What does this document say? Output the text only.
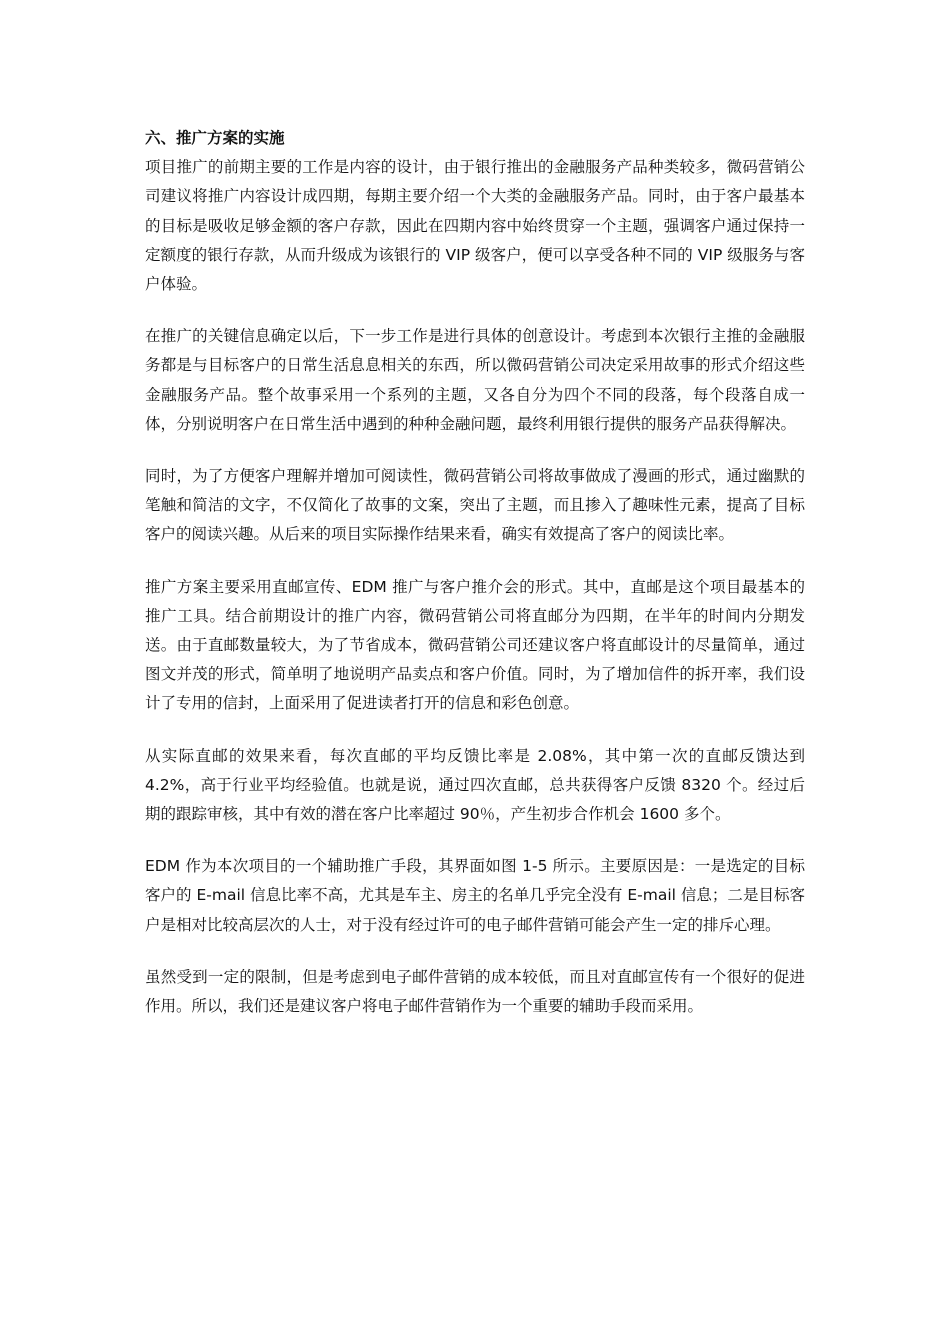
六、推广方案的实施

项目推广的前期主要的工作是内容的设计，由于银行推出的金融服务产品种类较多，微码营销公司建议将推广内容设计成四期，每期主要介绍一个大类的金融服务产品。同时，由于客户最基本的目标是吸收足够金额的客户存款，因此在四期内容中始终贯穿一个主题，强调客户通过保持一定额度的银行存款，从而升级成为该银行的 VIP 级客户，便可以享受各种不同的 VIP 级服务与客户体验。

在推广的关键信息确定以后，下一步工作是进行具体的创意设计。考虑到本次银行主推的金融服务都是与目标客户的日常生活息息相关的东西，所以微码营销公司决定采用故事的形式介绍这些金融服务产品。整个故事采用一个系列的主题，又各自分为四个不同的段落，每个段落自成一体，分别说明客户在日常生活中遇到的种种金融问题，最终利用银行提供的服务产品获得解决。

同时，为了方便客户理解并增加可阅读性，微码营销公司将故事做成了漫画的形式，通过幽默的笔触和简洁的文字，不仅简化了故事的文案，突出了主题，而且掺入了趣味性元素，提高了目标客户的阅读兴趣。从后来的项目实际操作结果来看，确实有效提高了客户的阅读比率。

推广方案主要采用直邮宣传、EDM 推广与客户推介会的形式。其中，直邮是这个项目最基本的推广工具。结合前期设计的推广内容，微码营销公司将直邮分为四期，在半年的时间内分期发送。由于直邮数量较大，为了节省成本，微码营销公司还建议客户将直邮设计的尽量简单，通过图文并茂的形式，简单明了地说明产品卖点和客户价值。同时，为了增加信件的拆开率，我们设计了专用的信封，上面采用了促进读者打开的信息和彩色创意。

从实际直邮的效果来看，每次直邮的平均反馈比率是 2.08%，其中第一次的直邮反馈达到 4.2%，高于行业平均经验值。也就是说，通过四次直邮，总共获得客户反馈 8320 个。经过后期的跟踪审核，其中有效的潜在客户比率超过 90％，产生初步合作机会 1600 多个。

EDM 作为本次项目的一个辅助推广手段，其界面如图 1-5 所示。主要原因是：一是选定的目标客户的 E-mail 信息比率不高，尤其是车主、房主的名单几乎完全没有 E-mail 信息；二是目标客户是相对比较高层次的人士，对于没有经过许可的电子邮件营销可能会产生一定的排斥心理。

虽然受到一定的限制，但是考虑到电子邮件营销的成本较低，而且对直邮宣传有一个很好的促进作用。所以，我们还是建议客户将电子邮件营销作为一个重要的辅助手段而采用。
